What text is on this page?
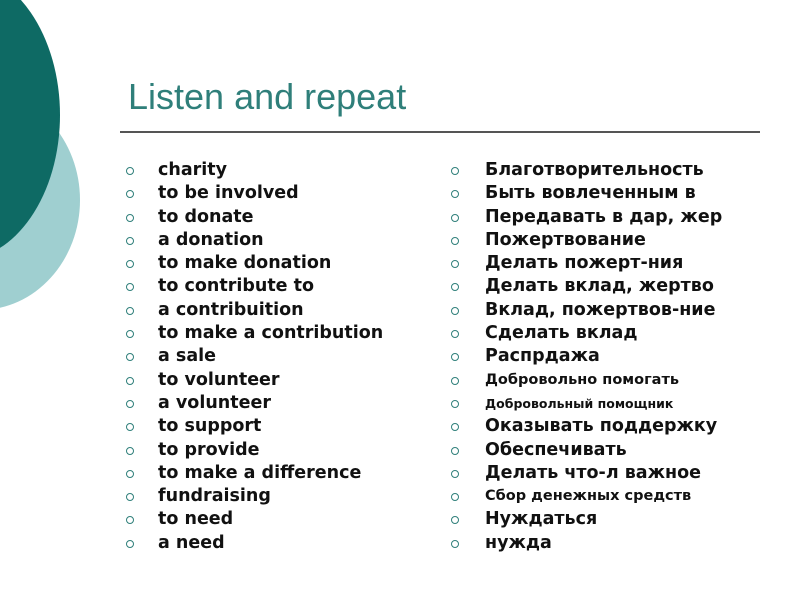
Listen and repeat
charity
to be involved
to donate
a donation
to make donation
to contribute to
a contribuition
to make a contribution
a sale
to volunteer
a volunteer
to support
to provide
to make a difference
fundraising
to need
a need
Благотворительность
Быть вовлеченным в
Передавать в дар, жер
Пожертвование
Делать пожерт-ния
Делать вклад, жертво
Вклад, пожертвов-ние
Сделать вклад
Распрдажа
Добровольно помогать
Добровольный помощник
Оказывать поддержку
Обеспечивать
Делать что-л важное
Сбор денежных средств
Нуждаться
нужда
